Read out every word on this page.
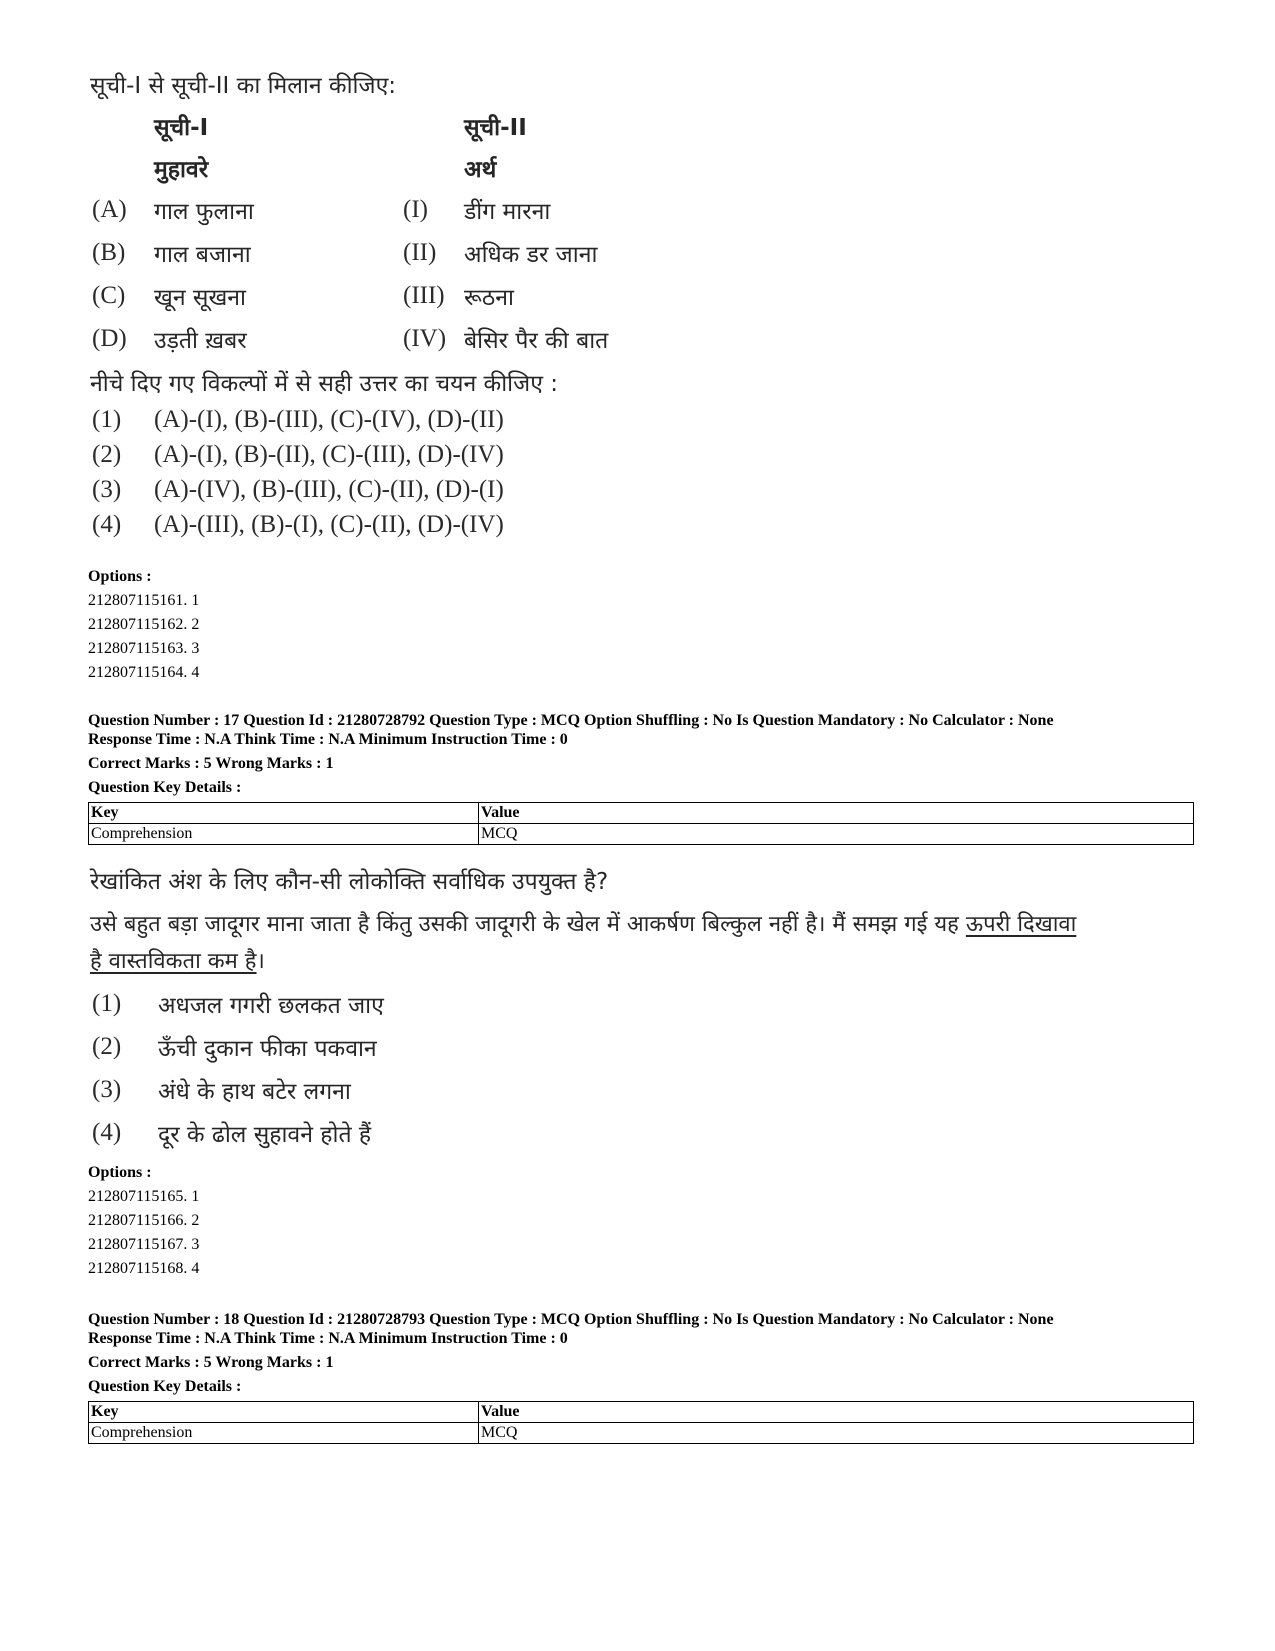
सूची-I से सूची-II का मिलान कीजिए:
सूची-I	सूची-II
मुहावरे	अर्थ
(A) गाल फुलाना	(I) डींग मारना
(B) गाल बजाना	(II) अधिक डर जाना
(C) खून सूखना	(III) रूठना
(D) उड़ती ख़बर	(IV) बेसिर पैर की बात
नीचे दिए गए विकल्पों में से सही उत्तर का चयन कीजिए :
(1) (A)-(I), (B)-(III), (C)-(IV), (D)-(II)
(2) (A)-(I), (B)-(II), (C)-(III), (D)-(IV)
(3) (A)-(IV), (B)-(III), (C)-(II), (D)-(I)
(4) (A)-(III), (B)-(I), (C)-(II), (D)-(IV)
Options :
212807115161. 1
212807115162. 2
212807115163. 3
212807115164. 4
Question Number : 17 Question Id : 21280728792 Question Type : MCQ Option Shuffling : No Is Question Mandatory : No Calculator : None
Response Time : N.A Think Time : N.A Minimum Instruction Time : 0
Correct Marks : 5 Wrong Marks : 1
Question Key Details :
Key	Value
Comprehension	MCQ
रेखांकित अंश के लिए कौन-सी लोकोक्ति सर्वाधिक उपयुक्त है?
उसे बहुत बड़ा जादूगर माना जाता है किंतु उसकी जादूगरी के खेल में आकर्षण बिल्कुल नहीं है। मैं समझ गई यह ऊपरी दिखावा
है वास्तविकता कम है।
(1) अधजल गगरी छलकत जाए
(2) ऊँची दुकान फीका पकवान
(3) अंधे के हाथ बटेर लगना
(4) दूर के ढोल सुहावने होते हैं
Options :
212807115165. 1
212807115166. 2
212807115167. 3
212807115168. 4
Question Number : 18 Question Id : 21280728793 Question Type : MCQ Option Shuffling : No Is Question Mandatory : No Calculator : None
Response Time : N.A Think Time : N.A Minimum Instruction Time : 0
Correct Marks : 5 Wrong Marks : 1
Question Key Details :
Key	Value
Comprehension	MCQ
